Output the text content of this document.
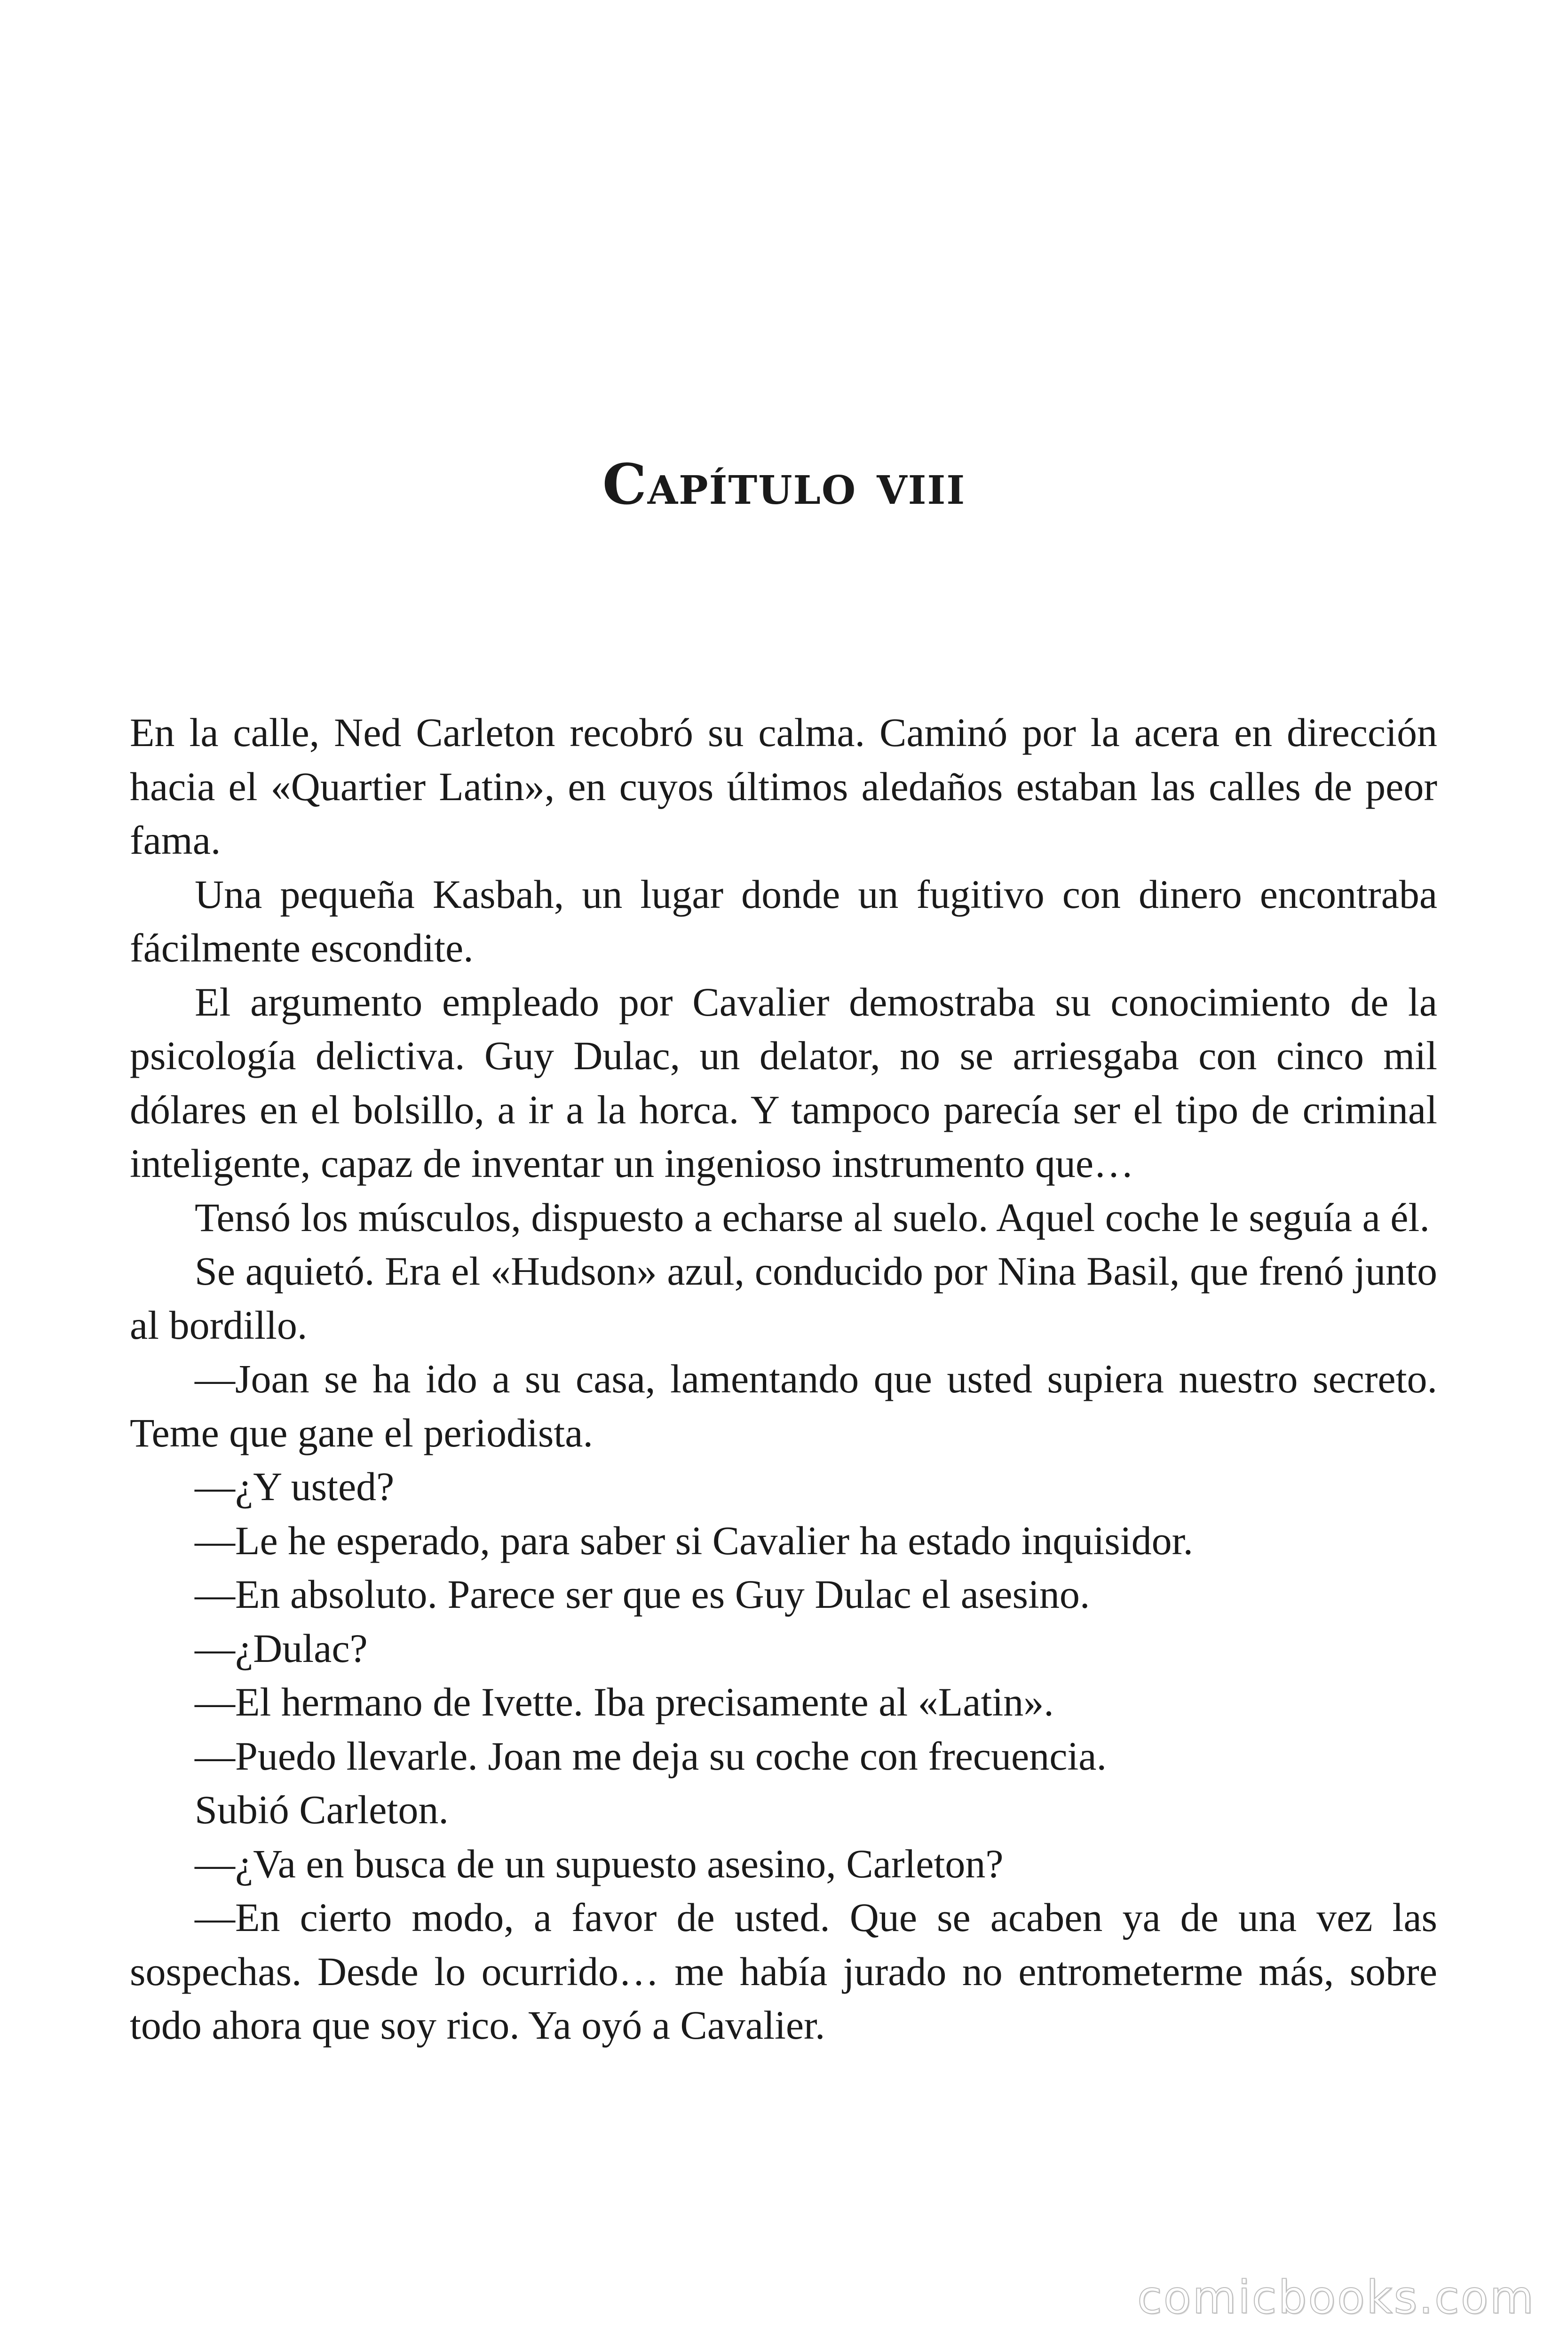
Capítulo viii

En la calle, Ned Carleton recobró su calma. Caminó por la acera en dirección hacia el «Quartier Latin», en cuyos últimos aledaños estaban las calles de peor fama.

Una pequeña Kasbah, un lugar donde un fugitivo con dinero encontraba fácilmente escondite.

El argumento empleado por Cavalier demostraba su conocimiento de la psicología delictiva. Guy Dulac, un delator, no se arriesgaba con cinco mil dólares en el bolsillo, a ir a la horca. Y tampoco parecía ser el tipo de criminal inteligente, capaz de inventar un ingenioso instrumento que…

Tensó los músculos, dispuesto a echarse al suelo. Aquel coche le seguía a él.

Se aquietó. Era el «Hudson» azul, conducido por Nina Basil, que frenó junto al bordillo.

—Joan se ha ido a su casa, lamentando que usted supiera nuestro secreto. Teme que gane el periodista.

—¿Y usted?

—Le he esperado, para saber si Cavalier ha estado inquisidor.

—En absoluto. Parece ser que es Guy Dulac el asesino.

—¿Dulac?

—El hermano de Ivette. Iba precisamente al «Latin».

—Puedo llevarle. Joan me deja su coche con frecuencia.

Subió Carleton.

—¿Va en busca de un supuesto asesino, Carleton?

—En cierto modo, a favor de usted. Que se acaben ya de una vez las sospechas. Desde lo ocurrido… me había jurado no entrometerme más, sobre todo ahora que soy rico. Ya oyó a Cavalier.

comicbooks.com
